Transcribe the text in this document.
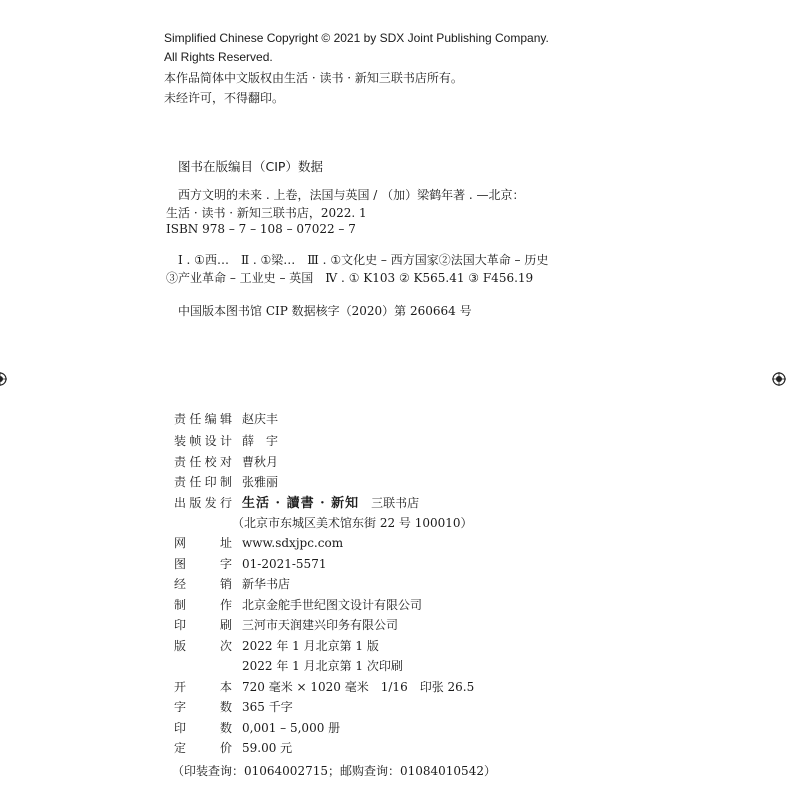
Simplified Chinese Copyright © 2021 by SDX Joint Publishing Company.
All Rights Reserved.
本作品简体中文版权由生活 · 读书 · 新知三联书店所有。
未经许可，不得翻印。
图书在版编目（CIP）数据
西方文明的未来 . 上卷，法国与英国 / （加）梁鹤年著 . —北京：
生活 · 读书 · 新知三联书店，2022. 1
ISBN 978 – 7 – 108 – 07022 – 7
Ⅰ . ①西…　Ⅱ . ①梁…　Ⅲ . ①文化史 – 西方国家②法国大革命 – 历史
③产业革命 – 工业史 – 英国　Ⅳ . ① K103 ② K565.41 ③ F456.19
中国版本图书馆 CIP 数据核字（2020）第 260664 号
责 任 编 辑 赵庆丰
装 帧 设 计 薛　宇
责 任 校 对 曹秋月
责 任 印 制 张雅丽
出 版 发 行 生活 · 讀書 · 新知　 三联书店
（北京市东城区美术馆东街 22 号 100010）
网	址 www.sdxjpc.com
图	字 01-2021-5571
经	销 新华书店
制	作 北京金舵手世纪图文设计有限公司
印	刷 三河市天润建兴印务有限公司
版	次 2022 年 1 月北京第 1 版
2022 年 1 月北京第 1 次印刷
开	本 720 毫米 × 1020 毫米　1/16　印张 26.5
字	数 365 千字
印	数 0,001 – 5,000 册
定	价 59.00 元
（印装查询：01064002715；邮购查询：01084010542）
